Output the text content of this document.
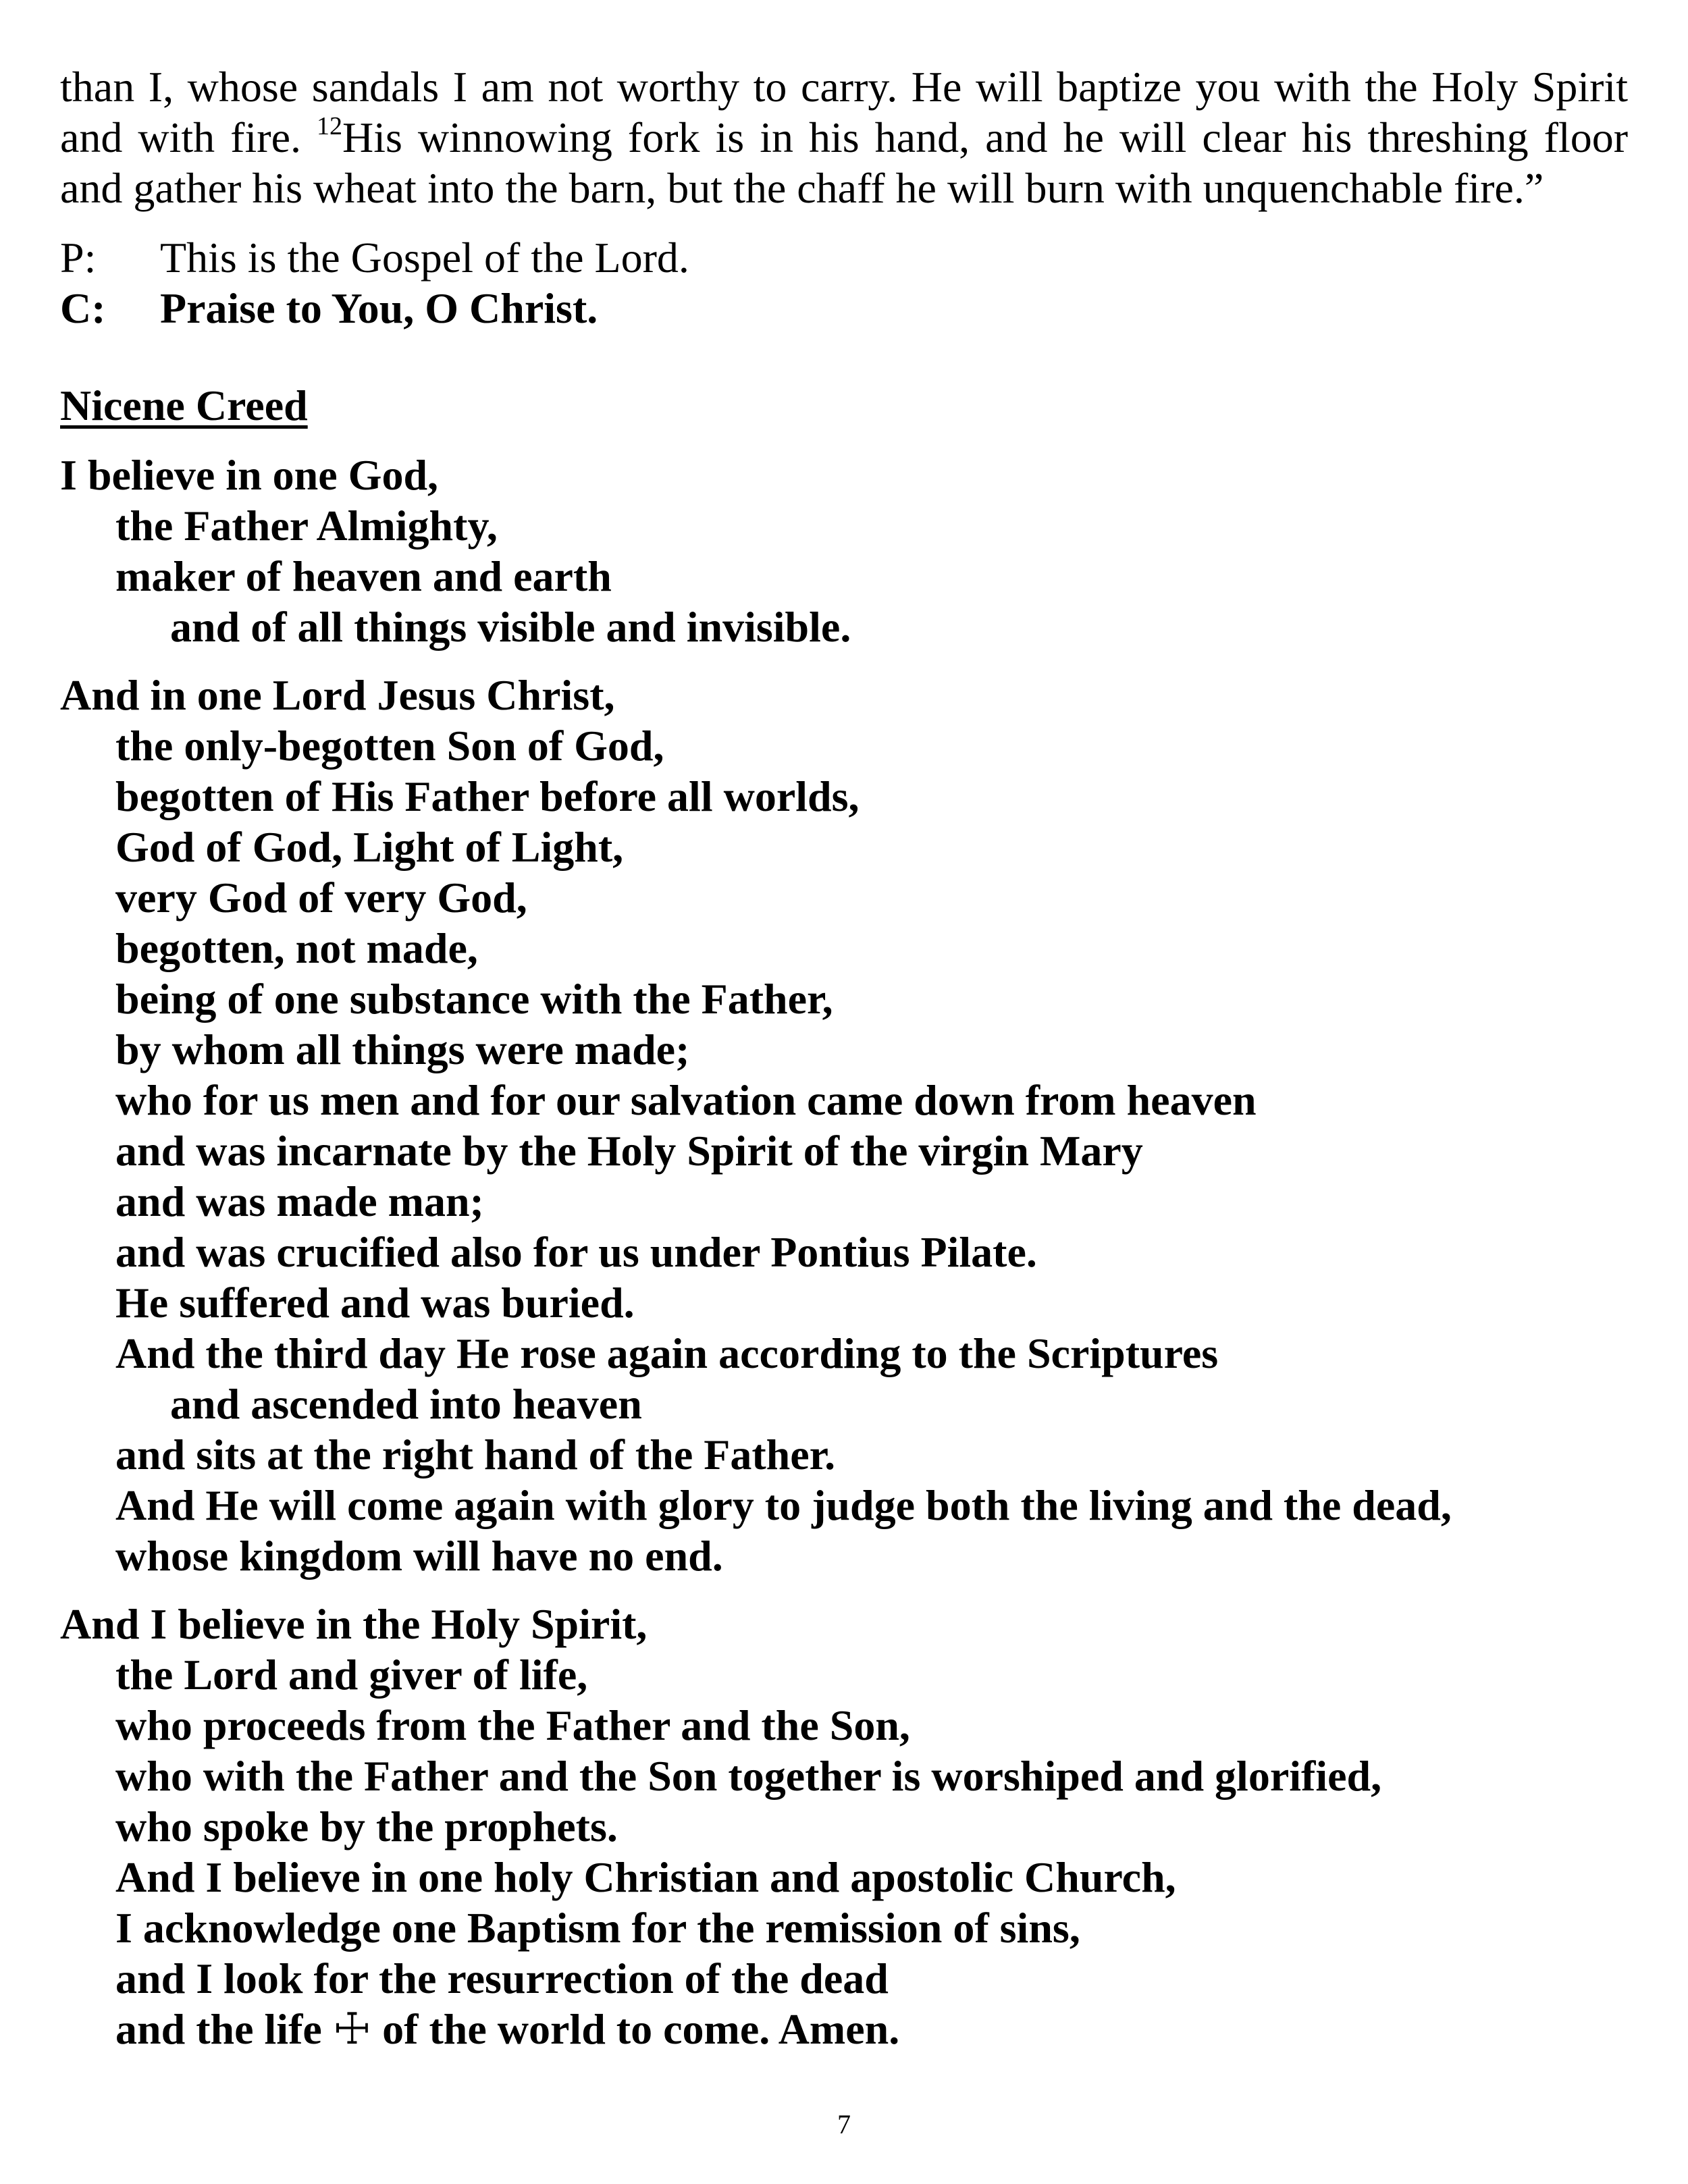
than I, whose sandals I am not worthy to carry. He will baptize you with the Holy Spirit
and with fire. $^{12}$His winnowing fork is in his hand, and he will clear his threshing floor
and gather his wheat into the barn, but the chaff he will burn with unquenchable fire.”
P:	This is the Gospel of the Lord.
C:	Praise to You, O Christ.
Nicene Creed
I believe in one God,
the Father Almighty,
maker of heaven and earth
and of all things visible and invisible.
And in one Lord Jesus Christ,
the only-begotten Son of God,
begotten of His Father before all worlds,
God of God, Light of Light,
very God of very God,
begotten, not made,
being of one substance with the Father,
by whom all things were made;
who for us men and for our salvation came down from heaven
and was incarnate by the Holy Spirit of the virgin Mary
and was made man;
and was crucified also for us under Pontius Pilate.
He suffered and was buried.
And the third day He rose again according to the Scriptures
and ascended into heaven
and sits at the right hand of the Father.
And He will come again with glory to judge both the living and the dead,
whose kingdom will have no end.
And I believe in the Holy Spirit,
the Lord and giver of life,
who proceeds from the Father and the Son,
who with the Father and the Son together is worshiped and glorified,
who spoke by the prophets.
And I believe in one holy Christian and apostolic Church,
I acknowledge one Baptism for the remission of sins,
and I look for the resurrection of the dead
and the life ☩ of the world to come. Amen.
7
